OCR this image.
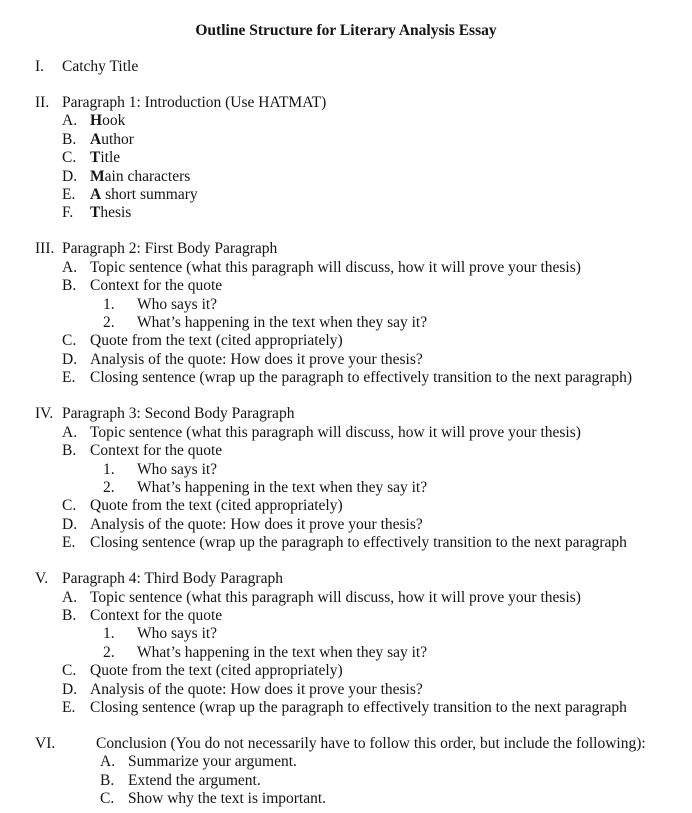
Outline Structure for Literary Analysis Essay
I.	Catchy Title
II. Paragraph 1: Introduction (Use HATMAT)
A. Hook
B. Author
C. Title
D. Main characters
E. A short summary
F.	Thesis
III. Paragraph 2: First Body Paragraph
A. Topic sentence (what this paragraph will discuss, how it will prove your thesis)
B. Context for the quote
1.	Who says it?
2.	What’s happening in the text when they say it?
C. Quote from the text (cited appropriately)
D. Analysis of the quote: How does it prove your thesis?
E. Closing sentence (wrap up the paragraph to effectively transition to the next paragraph)
IV. Paragraph 3: Second Body Paragraph
A. Topic sentence (what this paragraph will discuss, how it will prove your thesis)
B. Context for the quote
1.	Who says it?
2.	What’s happening in the text when they say it?
C. Quote from the text (cited appropriately)
D. Analysis of the quote: How does it prove your thesis?
E. Closing sentence (wrap up the paragraph to effectively transition to the next paragraph
V. Paragraph 4: Third Body Paragraph
A. Topic sentence (what this paragraph will discuss, how it will prove your thesis)
B. Context for the quote
1.	Who says it?
2.	What’s happening in the text when they say it?
C. Quote from the text (cited appropriately)
D. Analysis of the quote: How does it prove your thesis?
E. Closing sentence (wrap up the paragraph to effectively transition to the next paragraph
VI.	Conclusion (You do not necessarily have to follow this order, but include the following):
A. Summarize your argument.
B. Extend the argument.
C. Show why the text is important.
